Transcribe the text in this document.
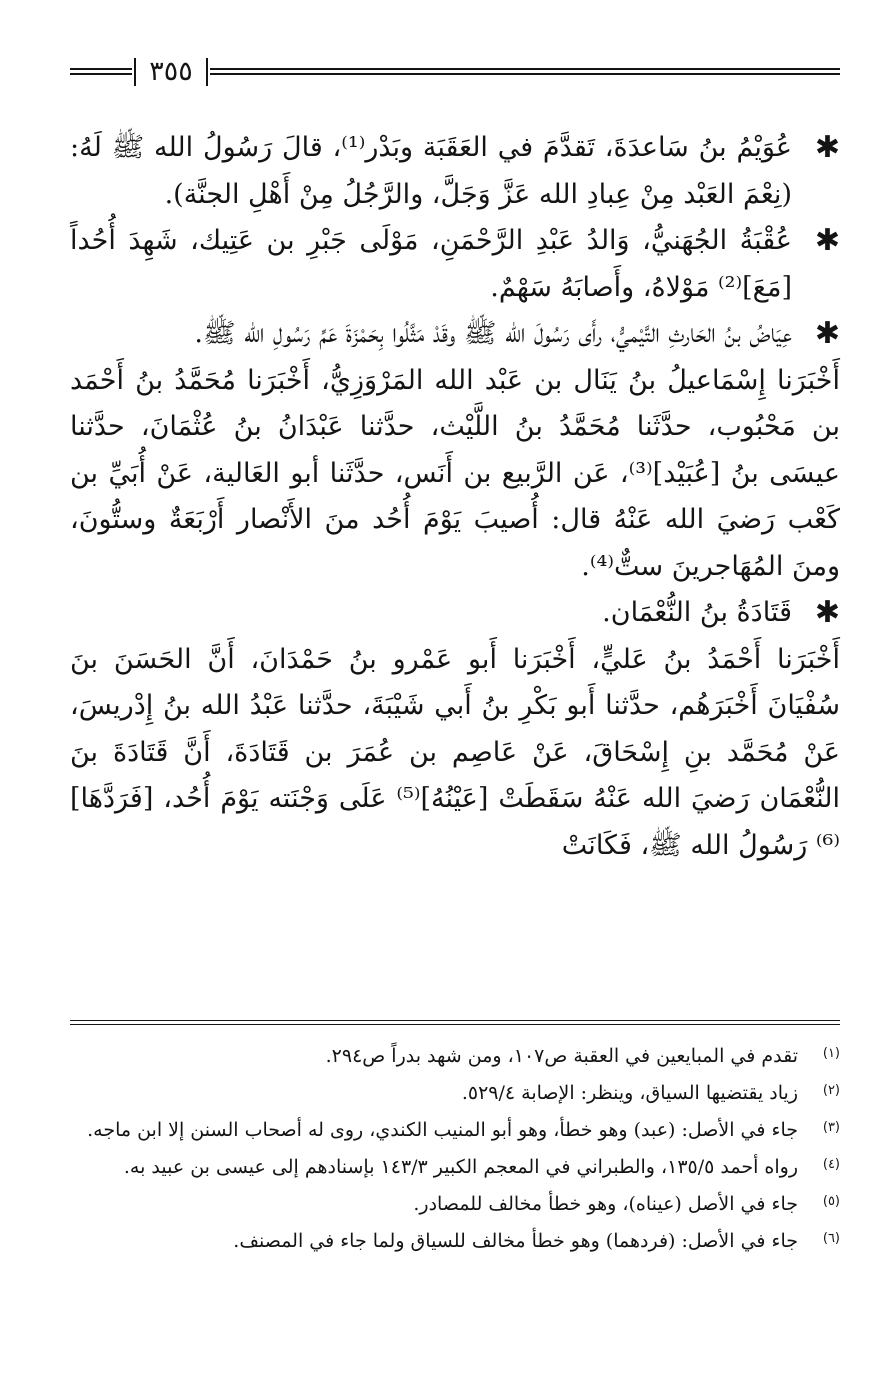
٣٥٥

✱
عُوَيْمُ بنُ سَاعدَةَ، تَقدَّمَ في العَقَبَة وبَدْر⁽¹⁾، قالَ رَسُولُ الله ﷺ لَهُ: (نِعْمَ العَبْد مِنْ عِبادِ الله عَزَّ وَجَلَّ، والرَّجُلُ مِنْ أَهْلِ الجنَّة).

✱
عُقْبَةُ الجُهَنيُّ، وَالدُ عَبْدِ الرَّحْمَنِ، مَوْلَى جَبْرِ بن عَتِيك، شَهِدَ أُحُداً [مَعَ]⁽²⁾ مَوْلاهُ، وأَصابَهُ سَهْمٌ.

✱
عِيَاضُ بنُ الحَارثِ التَّيْميُّ، رأَى رَسُولَ الله ﷺ وقَدْ مَثَّلُوا بِحَمْزَةَ عَمِّ رَسُولِ الله ﷺ.

أَخْبَرَنا إِسْمَاعيلُ بنُ يَنَال بن عَبْد الله المَرْوَزِيُّ، أَخْبَرَنا مُحَمَّدُ بنُ أَحْمَد بن مَحْبُوب، حدَّثَنا مُحَمَّدُ بنُ اللَّيْث، حدَّثنا عَبْدَانُ بنُ عُثْمَانَ، حدَّثنا عيسَى بنُ [عُبَيْد]⁽³⁾، عَن الرَّبيع بن أَنَس، حدَّثَنا أبو العَالية، عَنْ أُبَيِّ بن كَعْب رَضيَ الله عَنْهُ قال: أُصيبَ يَوْمَ أُحُد منَ الأَنْصار أَرْبَعَةٌ وستُّونَ، ومنَ المُهَاجرينَ ستٌّ⁽⁴⁾.

✱
قَتَادَةُ بنُ النُّعْمَان.

أَخْبَرَنا أَحْمَدُ بنُ عَليٍّ، أَخْبَرَنا أَبو عَمْرو بنُ حَمْدَانَ، أَنَّ الحَسَنَ بنَ سُفْيَانَ أَخْبَرَهُم، حدَّثنا أَبو بَكْرِ بنُ أَبي شَيْبَةَ، حدَّثنا عَبْدُ الله بنُ إِدْريسَ، عَنْ مُحَمَّد بنِ إِسْحَاقَ، عَنْ عَاصِم بن عُمَرَ بن قَتَادَةَ، أَنَّ قَتَادَةَ بنَ النُّعْمَان رَضيَ الله عَنْهُ سَقَطَتْ [عَيْنُهُ]⁽⁵⁾ عَلَى وَجْنَته يَوْمَ أُحُد، [فَرَدَّهَا]⁽⁶⁾ رَسُولُ الله ﷺ، فَكَانَتْ

(١)
تقدم في المبايعين في العقبة ص١٠٧، ومن شهد بدراً ص٢٩٤.
(٢)
زياد يقتضيها السياق، وينظر: الإصابة ٥٢٩/٤.
(٣)
جاء في الأصل: (عبد) وهو خطأ، وهو أبو المنيب الكندي، روى له أصحاب السنن إلا ابن ماجه.
(٤)
رواه أحمد ١٣٥/٥، والطبراني في المعجم الكبير ١٤٣/٣ بإسنادهم إلى عيسى بن عبيد به.
(٥)
جاء في الأصل (عيناه)، وهو خطأ مخالف للمصادر.
(٦)
جاء في الأصل: (فردهما) وهو خطأ مخالف للسياق ولما جاء في المصنف.
